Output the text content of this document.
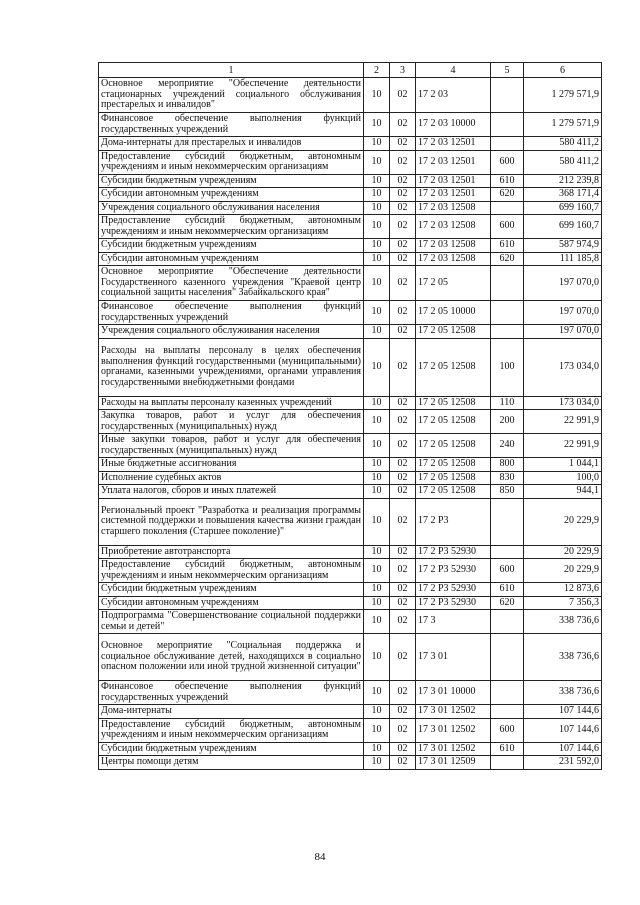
1	2	3	4	5	6
Основное мероприятие "Обеспечение деятельности стационарных учреждений социального обслуживания престарелых и инвалидов"	10	02	17 2 03		1 279 571,9
Финансовое обеспечение выполнения функций государственных учреждений	10	02	17 2 03 10000		1 279 571,9
Дома-интернаты для престарелых и инвалидов	10	02	17 2 03 12501		580 411,2
Предоставление субсидий бюджетным, автономным учреждениям и иным некоммерческим организациям	10	02	17 2 03 12501	600	580 411,2
Субсидии бюджетным учреждениям	10	02	17 2 03 12501	610	212 239,8
Субсидии автономным учреждениям	10	02	17 2 03 12501	620	368 171,4
Учреждения социального обслуживания населения	10	02	17 2 03 12508		699 160,7
Предоставление субсидий бюджетным, автономным учреждениям и иным некоммерческим организациям	10	02	17 2 03 12508	600	699 160,7
Субсидии бюджетным учреждениям	10	02	17 2 03 12508	610	587 974,9
Субсидии автономным учреждениям	10	02	17 2 03 12508	620	111 185,8
Основное мероприятие "Обеспечение деятельности Государственного казенного учреждения "Краевой центр социальной защиты населения" Забайкальского края"	10	02	17 2 05		197 070,0
Финансовое обеспечение выполнения функций государственных учреждений	10	02	17 2 05 10000		197 070,0
Учреждения социального обслуживания населения	10	02	17 2 05 12508		197 070,0
Расходы на выплаты персоналу в целях обеспечения выполнения функций государственными (муниципальными) органами, казенными учреждениями, органами управления государственными внебюджетными фондами	10	02	17 2 05 12508	100	173 034,0
Расходы на выплаты персоналу казенных учреждений	10	02	17 2 05 12508	110	173 034,0
Закупка товаров, работ и услуг для обеспечения государственных (муниципальных) нужд	10	02	17 2 05 12508	200	22 991,9
Иные закупки товаров, работ и услуг для обеспечения государственных (муниципальных) нужд	10	02	17 2 05 12508	240	22 991,9
Иные бюджетные ассигнования	10	02	17 2 05 12508	800	1 044,1
Исполнение судебных актов	10	02	17 2 05 12508	830	100,0
Уплата налогов, сборов и иных платежей	10	02	17 2 05 12508	850	944,1
Региональный проект "Разработка и реализация программы системной поддержки и повышения качества жизни граждан старшего поколения (Старшее поколение)"	10	02	17 2 P3		20 229,9
Приобретение автотранспорта	10	02	17 2 P3 52930		20 229,9
Предоставление субсидий бюджетным, автономным учреждениям и иным некоммерческим организациям	10	02	17 2 P3 52930	600	20 229,9
Субсидии бюджетным учреждениям	10	02	17 2 P3 52930	610	12 873,6
Субсидии автономным учреждениям	10	02	17 2 P3 52930	620	7 356,3
Подпрограмма "Совершенствование социальной поддержки семьи и детей"	10	02	17 3		338 736,6
Основное мероприятие "Социальная поддержка и социальное обслуживание детей, находящихся в социально опасном положении или иной трудной жизненной ситуации"	10	02	17 3 01		338 736,6
Финансовое обеспечение выполнения функций государственных учреждений	10	02	17 3 01 10000		338 736,6
Дома-интернаты	10	02	17 3 01 12502		107 144,6
Предоставление субсидий бюджетным, автономным учреждениям и иным некоммерческим организациям	10	02	17 3 01 12502	600	107 144,6
Субсидии бюджетным учреждениям	10	02	17 3 01 12502	610	107 144,6
Центры помощи детям	10	02	17 3 01 12509		231 592,0
84
